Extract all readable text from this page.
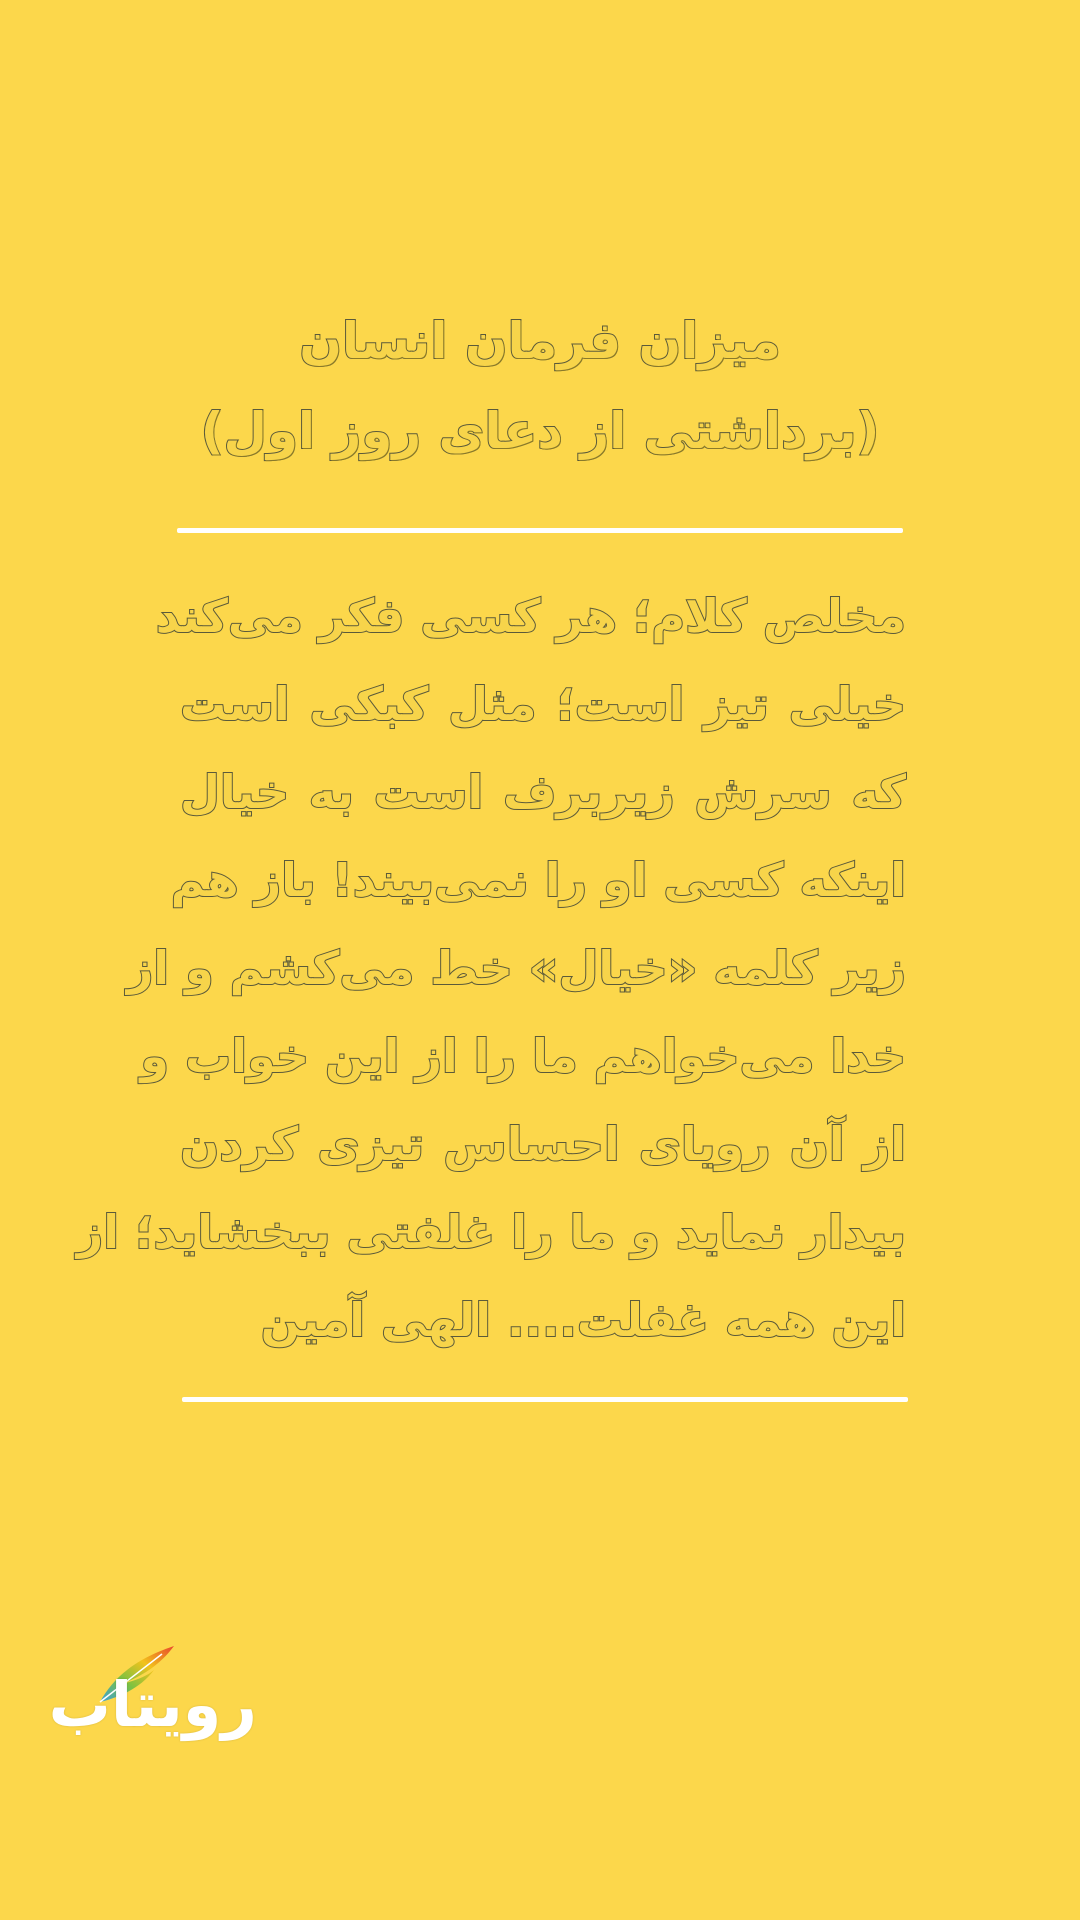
میزان فرمان انسان
(برداشتی از دعای روز اول)
مخلص کلام؛ هر کسی فکر می‌کند
خیلی تیز است؛ مثل کبکی است
که سرش زیربرف است به خیال
اینکه کسی او را نمی‌بیند! باز هم
زیر کلمه «خیال» خط می‌کشم و از
خدا می‌خواهم ما را از این خواب و
از آن رویای احساس تیزی کردن
بیدار نماید و ما را غلفتی ببخشاید؛ از
این همه غفلت.... الهی آمین
رویتاب
